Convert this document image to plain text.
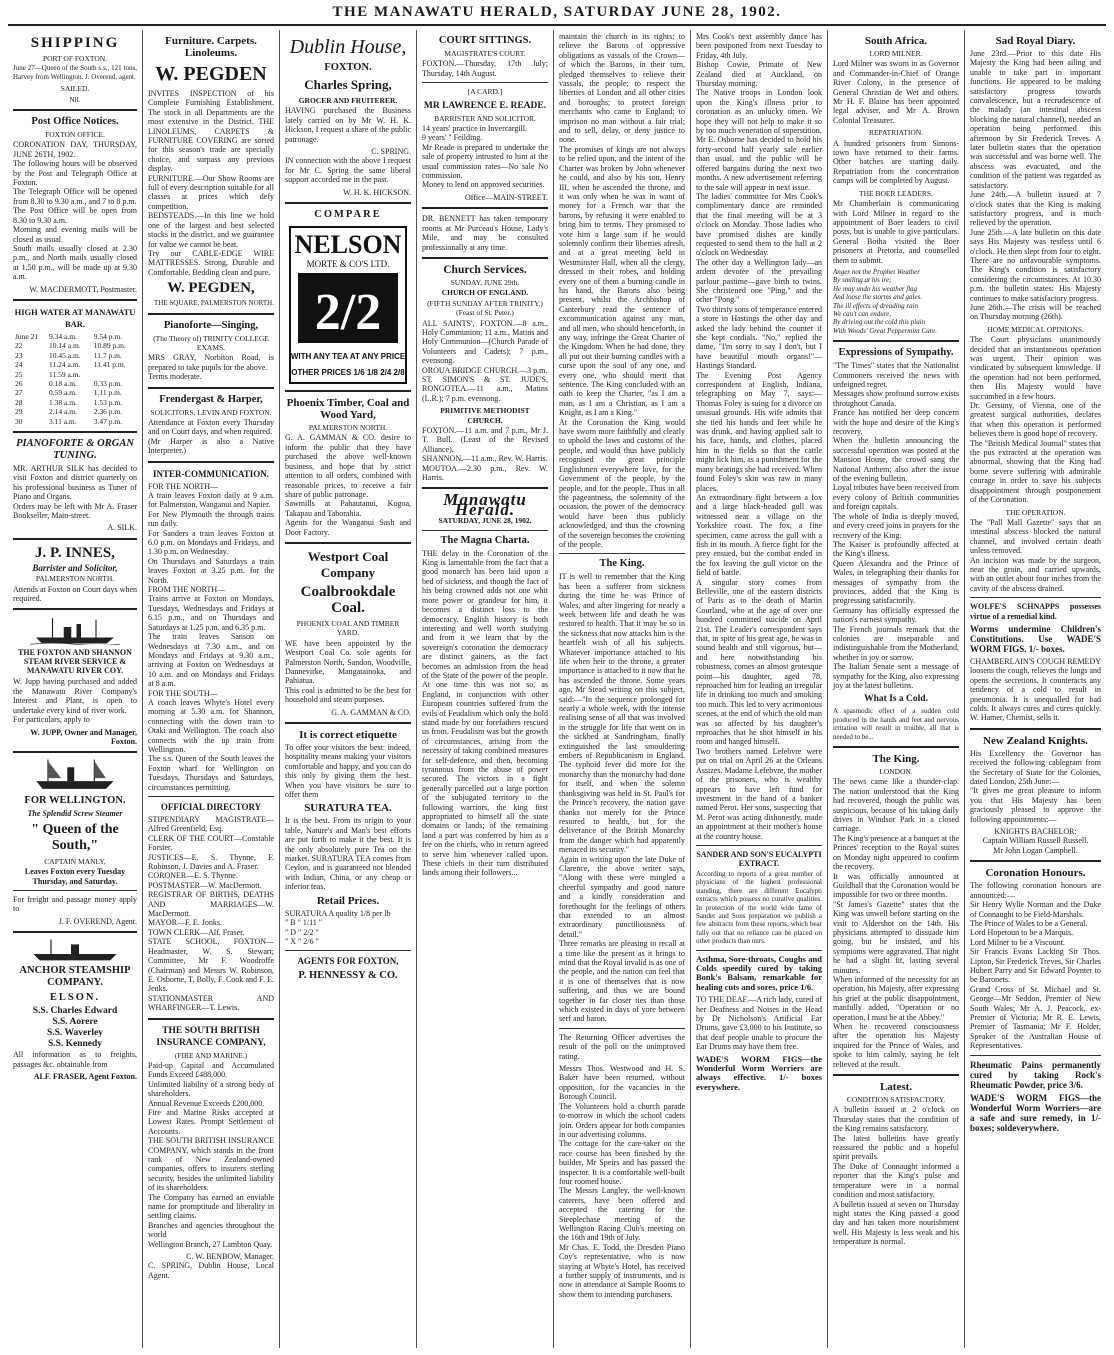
THE MANAWATU HERALD, SATURDAY JUNE 28, 1902.
SHIPPING
PORT OF FOXTON.
June 27—Queen of the South s.s., 121 tons, Harvey from Wellington. J. Overend, agent.
SAILED.
Nil.
Post Office Notices.
FOXTON OFFICE.
CORONATION DAY, THURSDAY, JUNE 26TH, 1902.
The following hours will be observed by the Post and Telegraph Office at Foxton.
The Telegraph Office will be opened from 8.30 to 9.30 a.m., and 7 to 8 p.m.
The Post Office will be open from 8.30 to 9.30 a.m.
Morning and evening mails will be closed as usual.
South mails usually closed at 2.30 p.m., and North mails usually closed at 1.50 p.m., will be made up at 9.30 a.m.
W. MACDERMOTT, Postmaster.
HIGH WATER AT MANAWATU BAR.
June 21	9.34 a.m.	9.54 p.m.
22	10.14 a.m.	10.89 p.m.
23	10.45 a.m.	11.7 p.m.
24	11.24 a.m.	11.41 p.m.
25	11.59 a.m.	
26	0.18 a.m.	0.33 p.m.
27	0.59 a.m.	1.11 p.m.
28	1.38 a.m.	1.53 p.m.
29	2.14 a.m.	2.36 p.m.
30	3.11 a.m.	3.47 p.m.
PIANOFORTE & ORGAN TUNING.
MR. ARTHUR SILK has decided to visit Foxton and district quarterly on his professional business as Tuner of Piano and Organs.
Orders may be left with Mr A. Fraser Bookseller, Main-street.
A. SILK.
J. P. INNES,
Barrister and Solicitor,
PALMERSTON NORTH.
Attends at Foxton on Court days when required.
THE FOXTON AND SHANNON STEAM RIVER SERVICE & MANAWATU RIVER COY.
W. Jupp having purchased and added the Manawatu River Company's Interest and Plant, is open to undertake every kind of river work.
For particulars, apply to
W. JUPP, Owner and Manager, Foxton.
FOR WELLINGTON.
The Splendid Screw Steamer
" Queen of the South,"
CAPTAIN MANLY,
Leaves Foxton every Tuesday Thursday, and Saturday.
For freight and passage money apply to
J. F. OVEREND, Agent.
ANCHOR STEAMSHIP COMPANY.
ELSON.
S.S. Charles Edward
S.S. Aorere
S.S. Waverley
S.S. Kennedy
All information as to freights, passages &c. obtainable from
ALF. FRASER, Agent Foxton.
Furniture. Carpets. Linoleums.
W. PEGDEN
INVITES INSPECTION of his Complete Furnishing Establishment. The stock in all Departments are the most extensive in the District. THE LINOLEUMS, CARPETS & FURNITURE COVERING are sorted for this season's trade are specially choice, and surpass any previous display.
FURNITURE.—Our Show Rooms are full of every description suitable for all classes at prices which defy competition.
BEDSTEADS.—In this line we hold one of the largest and best selected stocks in the district, and we guarantee for value we cannot be beat.
Try our CABLE-EDGE WIRE MATTRESSES. Strong, Durable and Comfortable. Bedding clean and pure.
W. PEGDEN,
THE SQUARE, PALMERSTON NORTH.
Pianoforte—Singing,
(The Theory of) TRINITY COLLEGE EXAMS.
MRS GRAY, Norbiton Road, is prepared to take pupils for the above.
Terms moderate.
Frendergast & Harper,
SOLICITORS, LEVIN AND FOXTON.
Attendance at Foxton every Thursday and on Court days, and when required.
(Mr Harper is also a Native Interpreter.)
INTER-COMMUNICATION.
FOR THE NORTH—
A train leaves Foxton daily at 9 a.m. for Palmerston, Wanganui and Napier.
For New Plymouth the through trains run daily.
For Sanders a train leaves Foxton at 6.0 p.m. on Mondays and Fridays, and 1.30 p.m. on Wednesday.
On Thursdays and Saturdays a train leaves Foxton at 3.25 p.m. for the North.
FROM THE NORTH—
Trains arrive at Foxton on Mondays, Tuesdays, Wednesdays and Fridays at 6.15 p.m., and on Thursdays and Saturdays at 1.25 p.m. and 6.35 p.m.
The train leaves Sanson on Wednesdays at 7.30 a.m., and on Mondays and Fridays at 9.30 a.m., arriving at Foxton on Wednesdays at 10 a.m. and on Mondays and Fridays at 8 a.m.
FOR THE SOUTH—
A coach leaves Whyte's Hotel every morning at 5.30 a.m. for Shannon, connecting with the down train to Otaki and Wellington. The coach also connects with the up train from Wellington.
The s.s. Queen of the South leaves the Foxton wharf for Wellington on Tuesdays, Thursdays and Saturdays, circumstances permitting.
OFFICIAL DIRECTORY
STIPENDIARY MAGISTRATE—Alfred Greenfield, Esq.
CLERK OF THE COURT—Constable Forster.
JUSTICES—E. S. Thynne, F. Robinson, J. Davies and A. Fraser.
CORONER—E. S. Thynne.
POSTMASTER—W. MacDermott.
REGISTRAR OF BIRTHS, DEATHS AND MARRIAGES—W. MacDermott.
MAYOR—F. E. Jonks.
TOWN CLERK—Alf. Fraser.
STATE SCHOOL, FOXTON—Headmaster, W. S. Stewart; Committee, Mr F. Woodroffe (Chairman) and Messrs W. Robinson, E. Osborne, T. Bolly, F. Cook and F. E. Jenks.
STATIONMASTER AND WHARFINGER—T. Lewis.
THE SOUTH BRITISH INSURANCE COMPANY,
(FIRE AND MARINE.)
Paid-up Capital and Accumulated Funds Exceed £488,000.
Unlimited liability of a strong body of shareholders.
Annual Revenue Exceeds £200,000.
Fire and Marine Risks accepted at Lowest Rates. Prompt Settlement of Accounts.
THE SOUTH BRITISH INSURANCE COMPANY, which stands in the front rank of New Zealand-owned companies, offers to insurers sterling security, besides the unlimited liability of its shareholders.
The Company has earned an enviable name for promptitude and liberality in settling claims.
Branches and agencies throughout the world
Wellington Branch, 27 Lambton Quay.
C. W. BENBOW, Manager.
C. SPRING, Dublin House, Local Agent.
Dublin House,
FOXTON.
Charles Spring,
GROCER AND FRUITERER.
HAVING purchased the Business lately carried on by Mr W. H. K. Hickson, I request a share of the public patronage.
C. SPRING.
IN connection with the above I request for Mr C. Spring the same liberal support accorded me in the past.
W. H. K. HICKSON.
COMPARE
NELSON
MORTE & CO'S LTD.
2/2
WITH ANY TEA AT ANY PRICE
OTHER PRICES 1/6 1/8 2/4 2/8
Phoenix Timber, Coal and Wood Yard,
PALMERSTON NORTH.
G. A. GAMMAN & CO. desire to inform the public that they have purchased the above well-known business, and hope that by strict attention to all orders, combined with reasonable prices, to receive a fair share of public patronage.
Sawmills at Pahautanui, Kogoa, Takapau and Taborahia.
Agents for the Wanganui Sash and Door Factory.
Westport Coal Company
Coalbrookdale Coal.
PHOENIX COAL AND TIMBER YARD.
WE have been appointed by the Westport Coal Co. sole agents for Palmerston North, Sandon, Woodville, Dannevirke, Mangatainoka, and Pahiatua.
This coal is admitted to be the best for household and steam purposes.
G. A. GAMMAN & CO.
It is correct etiquette
To offer your visitors the best: indeed, hospitality means making your visitors comfortable and happy, and you can do this only by giving them the best. When you have visitors be sure to offer them
SURATURA TEA.
It is the best. From its origin to your table, Nature's and Man's best efforts are put forth to make it the best. It is the only absolutely pure Tea on the market. SURATURA TEA comes from Ceylon, and is guaranteed not blended with Indian, China, or any cheap or inferior teas.
Retail Prices.
SURATURA A quality 1/8 per lb
" B " 1/11 "
" D " 2/2 "
" X " 2/6 "
AGENTS FOR FOXTON,
P. HENNESSY & CO.
COURT SITTINGS.
MAGISTRATE'S COURT.
FOXTON.—Thursday, 17th July; Thursday, 14th August.
[A CARD.]
MR LAWRENCE E. READE.
BARRISTER AND SOLICITOR.
14 years' practice in Invercargill.
9 years' " Feilding.
Mr Reade is prepared to undertake the sale of property intrusted to him at the usual commission rates—No sale No commission.
Money to lend on approved securities.
Office—MAIN-STREET.
DR. BENNETT has taken temporary rooms at Mr Purceau's House, Lady's Mile, and may be consulted professionally at any time.
Church Services.
SUNDAY, JUNE 29th.
CHURCH OF ENGLAND.
(FIFTH SUNDAY AFTER TRINITY.) (Feast of St. Peter.)
ALL SAINTS', FOXTON.—8 a.m., Holy Communion; 11 a.m., Matins and Holy Communion—(Church Parade of Volunteers and Cadets); 7 p.m., evensong.
OROUA BRIDGE CHURCH.—3 p.m.
ST. SIMON'S & ST. JUDE'S, RONGOTEA.—11 a.m., Matins (L.R.); 7 p.m. evensong.
PRIMITIVE METHODIST CHURCH.
FOXTON.—11 a.m. and 7 p.m., Mr J. T. Bull. (Least of the Revised Alliance).
SHANNON.—11 a.m., Rev. W. Harris.
MOUTOA.—2.30 p.m., Rev. W. Harris.
Manawatu Herald.
SATURDAY, JUNE 28, 1902.
The Magna Charta.
THE delay in the Coronation of the King is lamentable from the fact that a good monarch has been laid upon a bed of sickness, and though the fact of his being crowned adds not one whit more power or grandeur for him, it becomes a distinct loss to the democracy. English history is both interesting and well worth studying and from it we learn that by the sovereign's coronation the democracy are distinct gainers, as the fact becomes an admission from the head of the State of the power of the people. At one time this was not so, as England, in conjunction with other European countries suffered from the evils of Feudalism which only the bold stand made by our forefathers rescued us from. Feudalism was but the growth of circumstances, arising from the necessity of taking combined measures for self-defence, and then, becoming tyrannous from the abuse of power secured. The victors in a fight generally parcelled out a large portion of the subjugated territory to the following warriors, the king first appropriated to himself all the state domains or lands; of the remaining land a part was conferred by him as a fee on the chiefs, who in return agreed to serve him whenever called upon. These chiefs in their turn distributed lands among their followers...
maintain the church in its rights; to relieve the Barons of oppressive obligations as vassals of the Crown—of which the Barons, in their turn, pledged themselves to relieve their vassals, the people; to respect the liberties of London and all other cities and boroughs; to protect foreign merchants who came to England; to imprison no man without a fair trial; and to sell, delay, or deny justice to none.
The promises of kings are not always to be relied upon, and the intent of the Charter was broken by John whenever he could, and also by his son, Henry III, when he ascended the throne, and it was only when he was in want of money for a French war that the barons, by refusing it were enabled to bring him to terms. They promised to vote him a large sum if he would solemnly confirm their liberties afresh, and at a great meeting held in Westminster Hall, when all the clergy, dressed in their robes, and holding every one of them a burning candle in his hand, the Barons also being present, whilst the Archbishop of Canterbury read the sentence of excommunication against any man, and all men, who should henceforth, in any way, infringe the Great Charter of the Kingdom. When he had done, they all put out their burning candles with a curse upon the soul of any one, and every one, who should merit that sentence. The King concluded with an oath to keep the Charter, "as I am a man, as I am a Christian, as I am a Knight, as I am a King."
At the Coronation the King would have sworn more faithfully and clearly to uphold the laws and customs of the people, and would thus have publicly recognised the great principle Englishmen everywhere love, for the Government of the people, by the people, and for the people. Thus in all the pageantness, the solemnity of the occasion, the power of the democracy would have been thus publicly acknowledged, and thus the crowning of the sovereign becomes the crowning of the people.
The King.
IT is well to remember that the King has been a sufferer from sickness during the time he was Prince of Wales, and after lingering for nearly a week between life and death he was restored to health. That it may be so in the sickness that now attacks him is the heartfelt wish of all his subjects. Whatever importance attached to his life when heir to the throne, a greater importance is attached to it now that he has ascended the throne. Some years ago, Mr Stead writing on this subject, said:—"In the sequence prolonged for nearly a whole week, with the intense realising sense of all that was involved in the struggle for life that went on in the sickbed at Sandringham, finally extinguished the last smouldering embers of Republicanism in England. The typhoid fever did more for the monarchy than the monarchy had done for itself, and when the solemn thanksgiving was held in St. Paul's for the Prince's recovery, the nation gave thanks not merely for the Prince restored to health, but for the deliverance of the British Monarchy from the danger which had apparently menaced its security."
Again in writing upon the late Duke of Clarence, the above writer says, "Along with these were mingled a cheerful sympathy and good nature and a kindly consideration and forethought for the feelings of others that extended to an almost extraordinary punctiliousness of detail."
Three remarks are pleasing to recall at a time like the present as it brings to mind that the Royal invalid is as one of the people, and the nation can feel that it is one of themselves that is now suffering, and thus we are bound together in far closer ties than those which existed in days of yore between serf and baron.
The Returning Officer advertises the result of the poll on the unimproved rating.
Messrs Thos. Westwood and H. S. Baker have been returned, without opposition, for the vacancies in the Borough Council.
The Volunteers hold a church parade to-morrow in which the school cadets join. Orders appear for both companies in our advertising columns.
The cottage for the care-taker on the race course has been finished by the builder, Mr Speirs and has passed the inspector. It is a comfortable well-built four roomed house.
The Messrs Langley, the well-known caterers, have been offered and accepted the catering for the Steeplechase meeting of the Wellington Racing Club's meeting on the 16th and 19th of July.
Mr Chas. E. Todd, the Dresden Piano Coy's representative, who is now staying at Whyte's Hotel, has received a further supply of instruments, and is now in attendance at Sample Rooms to show them to intending purchasers.
Mrs Cook's next assembly dance has been postponed from next Tuesday to Friday, 4th July.
Bishop Cowie, Primate of New Zealand died at Auckland, on Thursday morning.
The Native troops in London look upon the King's illness prior to coronation as an unlucky omen. We hope they will not help to make it so by too much veneration of superstition.
Mr E. Osborne has decided to hold his forty-second half yearly sale earlier than usual, and the public will be offered bargains during the next two months. A new advertisement referring to the sale will appear in next issue.
The ladies' committee for Mrs Cook's complimentary dance are reminded that the final meeting will be at 3 o'clock on Monday. Those ladies who have promised dishes are kindly requested to send them to the hall at 2 o'clock on Wednesday.
The other day a Wellington lady—an ardent devotee of the prevailing parlour pastime—gave birth to twins. She christened one "Ping," and the other "Pong."
Two thirsty sons of temperance entered a store in Hastings the other day and asked the lady behind the counter if she kept cordials. "No," replied the dame, "I'm sorry to say I don't, but I have beautiful mouth organs!"—Hastings Standard.
The Evening Post Agency correspondent at English, Indiana, telegraphing on May 7, says:—Thomas Foley is suing for a divorce on unusual grounds. His wife admits that she tied his hands and feet while he was drunk, and having applied salt to his face, hands, and clothes, placed him in the fields so that the cattle might lick him, as a punishment for the many beatings she had received. When found Foley's skin was raw in many places.
An extraordinary fight between a fox and a large black-headed gull was witnessed near a village on the Yorkshire coast. The fox, a fine specimen, came across the gull with a fish in its mouth. A fierce fight for the prey ensued, but the combat ended in the fox leaving the gull victor on the field of battle.
A singular story comes from Belleville, one of the eastern districts of Paris as to the death of Martin Courland, who at the age of over one hundred committed suicide on April 21st. The Leader's correspondent says that, in spite of his great age, he was in sound health and still vigorous, but—and here notwithstanding his robustness, comes an almost grotesque point—his daughter, aged 78, reproached him for leading an irregular life in drinking too much and smoking too much. This led to very acrimonious scenes, at the end of which the old man was so affected by his daughter's reproaches that he shot himself in his room and hanged himself.
Two brothers named Lefebvre were put on trial on April 26 at the Orleans Assizes. Madame Lefebvre, the mother of the prisoners, who is wealthy appears to have left fund for investment in the hand of a banker named Perot. Her sons, suspecting that M. Perot was acting dishonestly, made an appointment at their mother's house at the country house.
SANDER AND SON'S EUCALYPTI EXTRACT.
According to reports of a great number of physicians of the highest professional standing, there are different Eucalypti extracts which possess no curative qualities. In protection of the world wide fame of Sander and Sons preparation we publish a few abstracts from these reports, which bear fully out that no reliance can be placed on other products than ours.
Asthma, Sore-throats, Coughs and Colds speedily cured by taking Bonk's Balsam, remarkable for healing cuts and sores, price 1/6.
TO THE DEAF.—A rich lady, cured of her Deafness and Noises in the Head by Dr Nicholson's Artificial Ear Drums, gave £3,000 to his Institute, so that deaf people unable to procure the Ear Drums may have them free.
WADE'S WORM FIGS—the Wonderful Worm Worriers are always effective. 1/- boxes everywhere.
South Africa.
LORD MILNER.
Lord Milner was sworn in as Governor and Commander-in-Chief of Orange River Colony, in the presence of General Christian de Wet and others. Mr H. F. Blaine has been appointed legal adviser, and Mr A. Brown Colonial Treasurer.
REPATRIATION.
A hundred prisoners from Simons-town have returned to their farms. Other batches are starting daily. Repatriation from the concentration camps will be completed by August.
THE BOER LEADERS.
Mr Chamberlain is communicating with Lord Milner in regard to the appointment of Boer leaders to civil posts, but is unable to give particulars. General Botha visited the Boer prisoners at Pretoria, and counselled them to submit.
Anger not the Prophet Weather
By smiling at his ire;
He may undo his weather flag
And loose the storms and gales.
The ill effects of dreading rain
We can't can endure,
By driving out the cold this plain
With Woods' Great Peppermint Cure.
Expressions of Sympathy.
"The Times" states that the Nationalist Commoners received the news with unfeigned regret.
Messages show profound sorrow exists throughout Canada.
France has notified her deep concern with the hope and desire of the King's recovery.
When the bulletin announcing the successful operation was posted at the Mansion House, the crowd sang the National Anthem; also after the issue of the evening bulletin.
Loyal tributes have been received from every colony of British communities and foreign capitals.
The whole of India is deeply moved, and every creed joins in prayers for the recovery of the King.
The Kaiser is profoundly affected at the King's illness.
Queen Alexandra and the Prince of Wales, in telegraphing their thanks for messages of sympathy from the provinces, added that the King is progressing satisfactorily.
Germany has officially expressed the nation's earnest sympathy.
The French journals remark that the colonies are inseparable and indistinguishable from the Motherland, whether in joy or sorrow.
The Italian Senate sent a message of sympathy for the King, also expressing joy at the latest bulletins.
What Is a Cold.
A spasmodic effect of a sudden cold produced in the hands and feet and nervous irritation will result in trouble, all that is needed to be...
The King.
LONDON.
The news came like a thunder-clap. The nation understood that the King had recovered, though the public was suspicious, because of his taking daily drives in Windsor Park in a closed carriage.
The King's presence at a banquet at the Princes' reception to the Royal suites on Monday night appeared to confirm the recovery.
It was officially announced at Guildhall that the Coronation would be impossible for two or three months.
"St James's Gazette" states that the King was unwell before starting on the visit to Aldershot on the 14th. His physicians attempted to dissuade him going, but he insisted, and his symptoms were aggravated. That night he had a slight fit, lasting several minutes.
When informed of the necessity for an operation, his Majesty, after expressing his grief at the public disappointment, manfully added, "Operation or no operation, I must be at the Abbey."
When he recovered consciousness after the operation his Majesty inquired for the Prince of Wales, and spoke to him calmly, saying he felt relieved at the result.
Latest.
CONDITION SATISFACTORY.
A bulletin issued at 2 o'clock on Thursday states that the condition of the King remains satisfactory.
The latest bulletins have greatly reassured the public and a hopeful spirit prevails.
The Duke of Connaught informed a reporter that the King's pulse and temperature were in a normal condition and most satisfactory.
A bulletin issued at seven on Thursday night states the King passed a good day and has taken more nourishment well. His Majesty is less weak and his temperature is normal.
Sad Royal Diary.
June 23rd.—Prior to this date His Majesty the King had been ailing and unable to take part in important functions. He appeared to be making satisfactory progress towards convalescence, but a recrudescence of the malady (an intestinal abscess blocking the natural channel), needed an operation being performed this afternoon by Sir Frederick Treves. A later bulletin states that the operation was successful and was borne well. The abscess was evacuated, and the condition of the patient was regarded as satisfactory.
June 24th.—A bulletin issued at 7 o'clock states that the King is making satisfactory progress, and is much relieved by the operation.
June 25th.—A late bulletin on this date says His Majesty was restless until 6 o'clock. He then slept from four to eight. There are no unfavourable symptoms. The King's condition is satisfactory considering the circumstances. At 10.30 p.m. the bulletin states: His Majesty continues to make satisfactory progress.
June 26th.—The crisis will be reached on Thursday morning (26th).
HOME MEDICAL OPINIONS.
The Court physicians unanimously decided that an instantaneous operation was urgent. Their opinion was vindicated by subsequent knowledge. If the operation had not been performed, then His Majesty would have succumbed in a few hours.
Dr. Gersuny, of Vienna, one of the greatest surgical authorities, declares that when this operation is performed believes there is good hope of recovery.
The "British Medical Journal" states that the pus extracted at the operation was abnormal, showing that the King had borne severe suffering with admirable courage in order to save his subjects disappointment through postponement of the Coronation.
THE OPERATION.
The "Pall Mall Gazette" says that an intestinal abscess blocked the natural channel, and involved certain death unless removed.
An incision was made by the surgeon, near the groin, and carried upwards, with an outlet about four inches from the cavity of the abscess drained.
WOLFE'S SCHNAPPS possesses virtue of a remedial kind.
Worms undermine Children's Constitutions. Use WADE'S WORM FIGS. 1/- boxes.
CHAMBERLAIN'S COUGH REMEDY loosens the cough, relieves the lungs and opens the secretions. It counteracts any tendency of a cold to result in pneumonia. It is unequalled for bad colds. It always cures and cures quickly. W. Hamer, Chemist, sells it.
New Zealand Knights.
His Excellency the Governor has received the following cablegram from the Secretary of State for the Colonies, dated London, 25th June:—
"It gives me great pleasure to inform you that His Majesty has been graciously pleased to approve the following appointments:—
KNIGHTS BACHELOR:
Captain William Russell Russell.
Mr John Logan Campbell.
Coronation Honours.
The following coronation honours are announced:—
Sir Henry Wylie Norman and the Duke of Connaught to be Field-Marshals.
The Prince of Wales to be a General.
Lord Hopetoun to be a Marquis.
Lord Milner to be a Viscount.
Sir Francis Evans Lacking Sir Thos. Lipton, Sir Frederick Treves, Sir Charles Hubert Parry and Sir Edward Poynter to be Baronets.
Grand Cross of St. Michael and St. George—Mr Seddon, Premier of New South Wales; Mr A. J. Peacock, ex-Premier of Victoria; Mr R. E. Lewis, Premier of Tasmania; Mr F. Holder, Speaker of the Australian House of Representatives.
Rheumatic Pains permanently cured by taking Rock's Rheumatic Powder, price 3/6.
WADE'S WORM FIGS—the Wonderful Worm Worriers—are a safe and sure remedy, in 1/- boxes; soldeverywhere.
